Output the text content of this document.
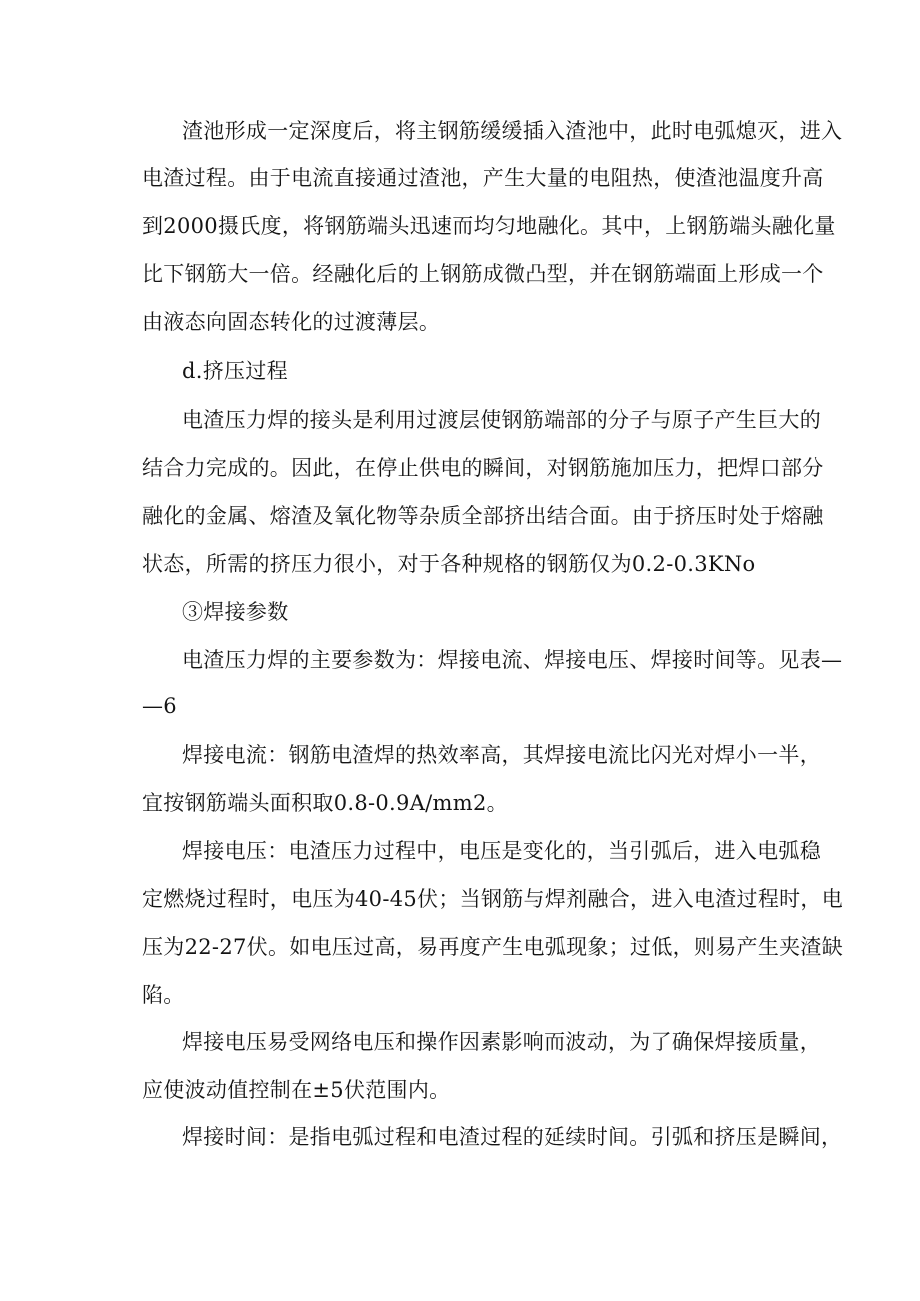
渣池形成一定深度后，将主钢筋缓缓插入渣池中，此时电弧熄灭，进入
电渣过程。由于电流直接通过渣池，产生大量的电阻热，使渣池温度升高
到2000摄氏度，将钢筋端头迅速而均匀地融化。其中，上钢筋端头融化量
比下钢筋大一倍。经融化后的上钢筋成微凸型，并在钢筋端面上形成一个
由液态向固态转化的过渡薄层。
d.挤压过程
电渣压力焊的接头是利用过渡层使钢筋端部的分子与原子产生巨大的
结合力完成的。因此，在停止供电的瞬间，对钢筋施加压力，把焊口部分
融化的金属、熔渣及氧化物等杂质全部挤出结合面。由于挤压时处于熔融
状态，所需的挤压力很小，对于各种规格的钢筋仅为0.2-0.3KNo
③焊接参数
电渣压力焊的主要参数为：焊接电流、焊接电压、焊接时间等。见表—
—6
焊接电流：钢筋电渣焊的热效率高，其焊接电流比闪光对焊小一半，
宜按钢筋端头面积取0.8-0.9A/mm2。
焊接电压：电渣压力过程中，电压是变化的，当引弧后，进入电弧稳
定燃烧过程时，电压为40-45伏；当钢筋与焊剂融合，进入电渣过程时，电
压为22-27伏。如电压过高，易再度产生电弧现象；过低，则易产生夹渣缺
陷。
焊接电压易受网络电压和操作因素影响而波动，为了确保焊接质量，
应使波动值控制在±5伏范围内。
焊接时间：是指电弧过程和电渣过程的延续时间。引弧和挤压是瞬间，
